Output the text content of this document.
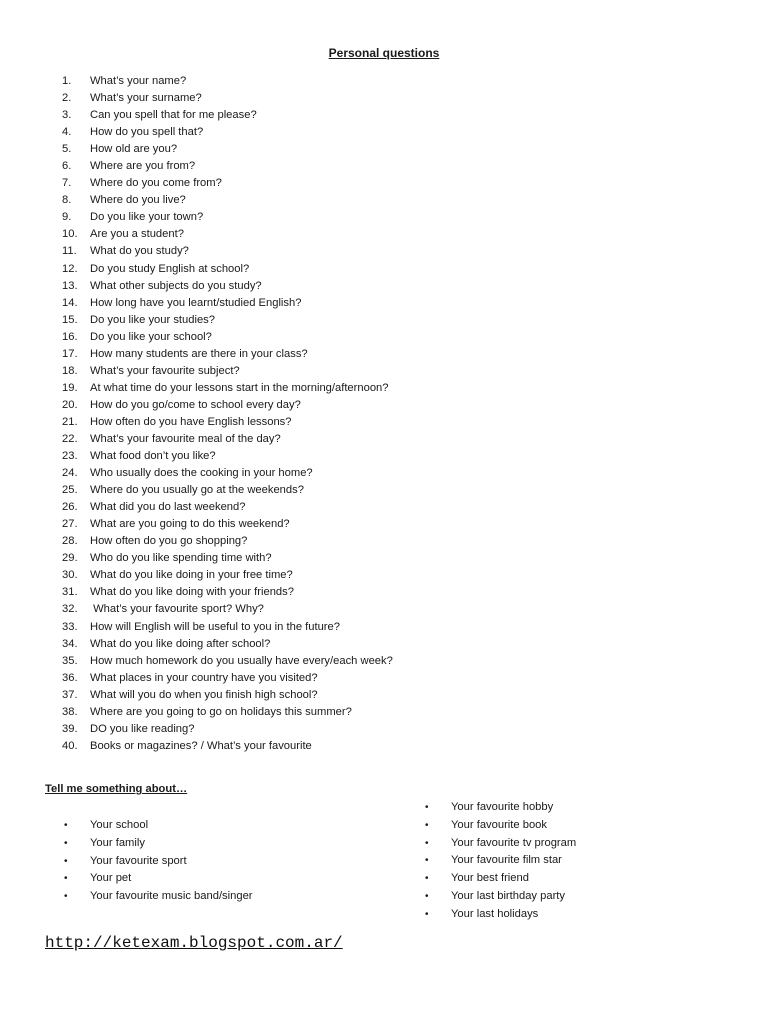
Personal questions
1. What’s your name?
2. What’s your surname?
3. Can you spell that for me please?
4. How do you spell that?
5. How old are you?
6. Where are you from?
7. Where do you come from?
8. Where do you live?
9. Do you like your town?
10. Are you a student?
11. What do you study?
12. Do you study English at school?
13. What other subjects do you study?
14. How long have you learnt/studied English?
15. Do you like your studies?
16. Do you like your school?
17. How many students are there in your class?
18. What’s your favourite subject?
19. At what time do your lessons start in the morning/afternoon?
20. How do you go/come to school every day?
21. How often do you have English lessons?
22. What’s your favourite meal of the day?
23. What food don’t you like?
24. Who usually does the cooking in your home?
25. Where do you usually go at the weekends?
26. What did you do last weekend?
27. What are you going to do this weekend?
28. How often do you go shopping?
29. Who do you like spending time with?
30. What do you like doing in your free time?
31. What do you like doing with your friends?
32. What’s your favourite sport? Why?
33. How will English will be useful to you in the future?
34. What do you like doing after school?
35. How much homework do you usually have every/each week?
36. What places in your country have you visited?
37. What will you do when you finish high school?
38. Where are you going to go on holidays this summer?
39. DO you like reading?
40. Books or magazines? / What’s your favourite
Tell me something about…
• Your school
• Your family
• Your favourite sport
• Your pet
• Your favourite music band/singer
• Your favourite hobby
• Your favourite book
• Your favourite tv program
• Your favourite film star
• Your best friend
• Your last birthday party
• Your last holidays
http://ketexam.blogspot.com.ar/
